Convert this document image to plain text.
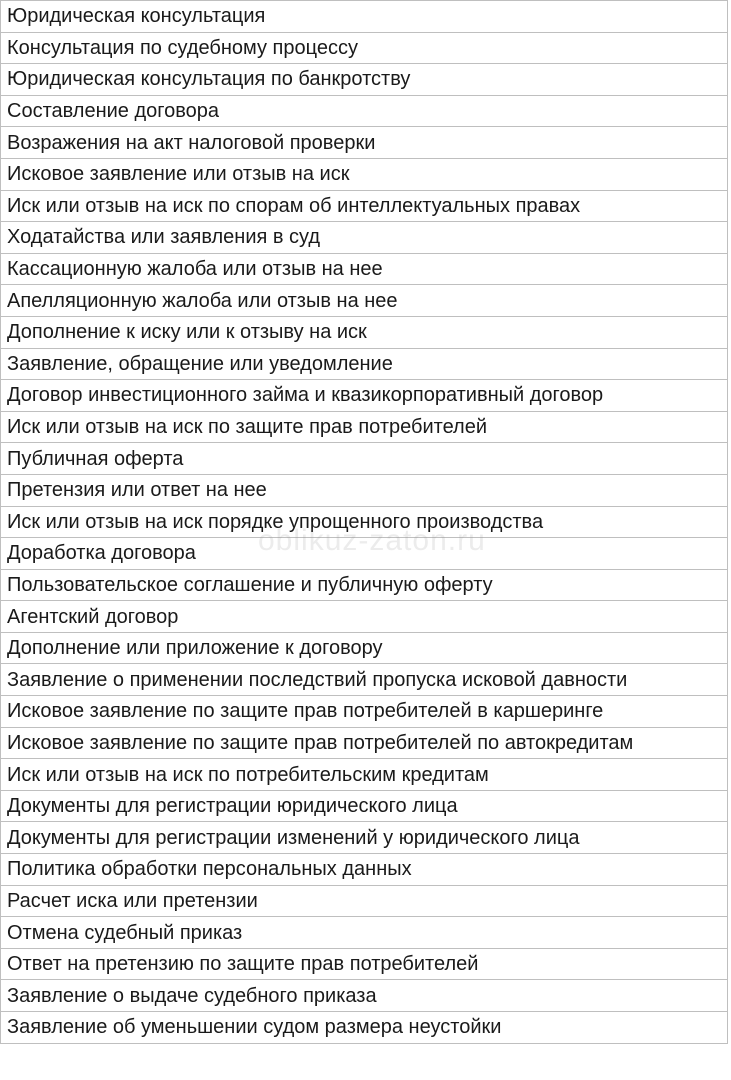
Юридическая консультация
Консультация по судебному процессу
Юридическая консультация по банкротству
Составление договора
Возражения на акт налоговой проверки
Исковое заявление или отзыв на иск
Иск или отзыв на иск по спорам об интеллектуальных правах
Ходатайства или заявления в суд
Кассационную жалоба или отзыв на нее
Апелляционную жалоба или отзыв на нее
Дополнение к иску или к отзыву на иск
Заявление, обращение или уведомление
Договор инвестиционного займа и квазикорпоративный договор
Иск или отзыв на иск по защите прав потребителей
Публичная оферта
Претензия или ответ на нее
Иск или отзыв на иск порядке упрощенного производства
Доработка договора
Пользовательское соглашение и публичную оферту
Агентский договор
Дополнение или приложение к договору
Заявление о применении последствий пропуска исковой давности
Исковое заявление по защите прав потребителей в каршеринге
Исковое заявление по защите прав потребителей по автокредитам
Иск или отзыв на иск по потребительским кредитам
Документы для регистрации юридического лица
Документы для регистрации изменений у юридического лица
Политика обработки персональных данных
Расчет иска или претензии
Отмена судебный приказ
Ответ на претензию по защите прав потребителей
Заявление о выдаче судебного приказа
Заявление об уменьшении судом размера неустойки
oblikuz-zaton.ru
